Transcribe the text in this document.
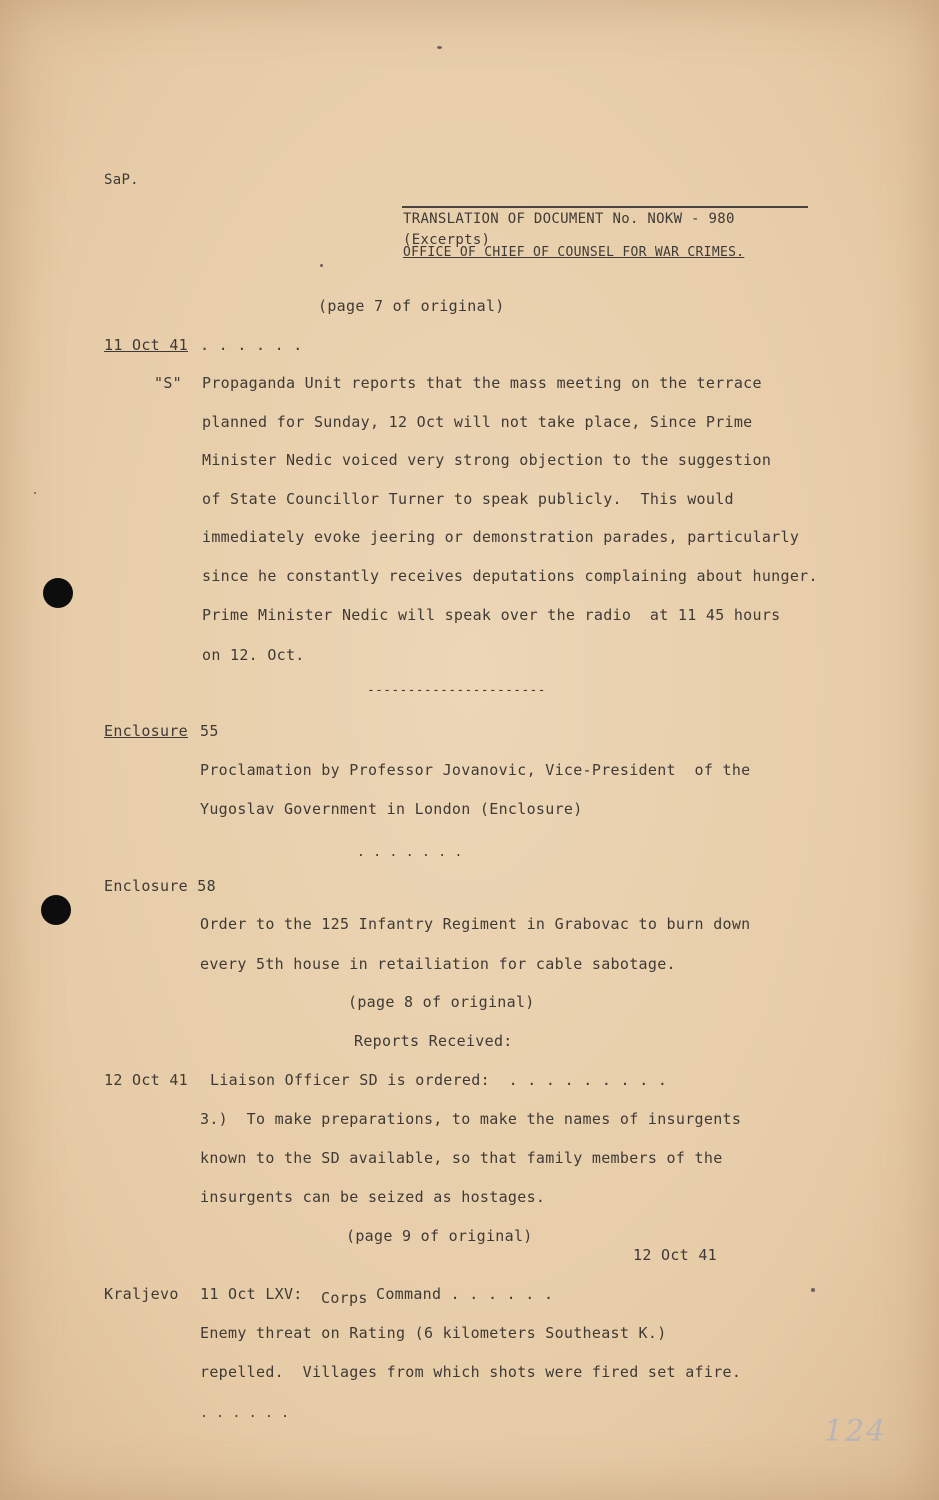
SaP.
TRANSLATION OF DOCUMENT No. NOKW - 980
(Excerpts)
OFFICE OF CHIEF OF COUNSEL FOR WAR CRIMES.
(page 7 of original)
11 Oct 41 . . . . . .
"S" Propaganda Unit reports that the mass meeting on the terrace
planned for Sunday, 12 Oct will not take place, Since Prime
Minister Nedic voiced very strong objection to the suggestion
of State Councillor Turner to speak publicly.  This would
immediately evoke jeering or demonstration parades, particularly
since he constantly receives deputations complaining about hunger.
Prime Minister Nedic will speak over the radio  at 11 45 hours
on 12. Oct.
----------------------
Enclosure 55
Proclamation by Professor Jovanovic, Vice-President  of the
Yugoslav Government in London (Enclosure)
. . . . . . .
Enclosure 58
Order to the 125 Infantry Regiment in Grabovac to burn down
every 5th house in retailiation for cable sabotage.
(page 8 of original)
Reports Received:
12 Oct 41 Liaison Officer SD is ordered:  . . . . . . . . .
3.)  To make preparations, to make the names of insurgents
known to the SD available, so that family members of the
insurgents can be seized as hostages.
(page 9 of original)
12 Oct 41
Kraljevo 11 Oct LXV: Corps Command . . . . . .
Enemy threat on Rating (6 kilometers Southeast K.)
repelled.  Villages from which shots were fired set afire.
. . . . . .
124
